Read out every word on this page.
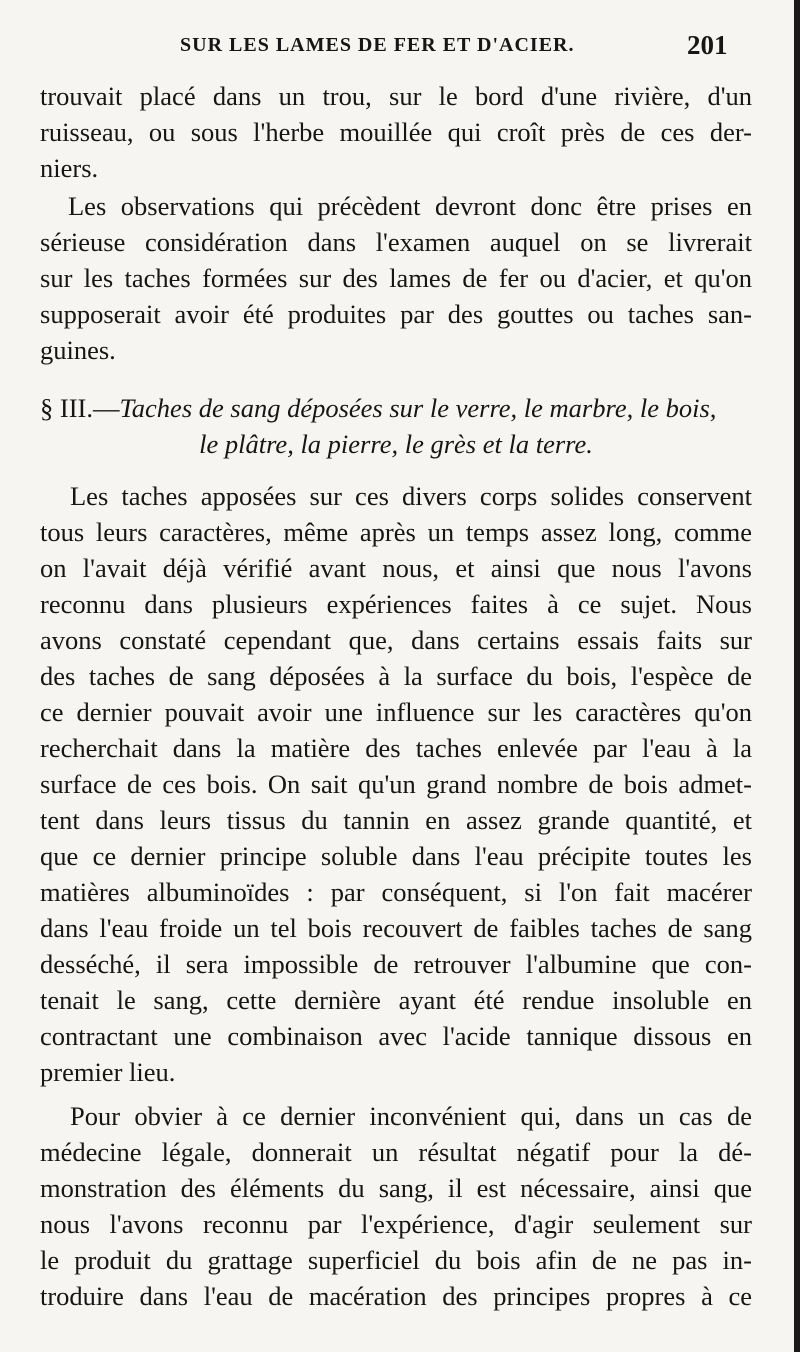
SUR LES LAMES DE FER ET D'ACIER.	201
trouvait placé dans un trou, sur le bord d'une rivière, d'un
ruisseau, ou sous l'herbe mouillée qui croît près de ces der-
niers.
Les observations qui précèdent devront donc être prises en
sérieuse considération dans l'examen auquel on se livrerait
sur les taches formées sur des lames de fer ou d'acier, et qu'on
supposerait avoir été produites par des gouttes ou taches san-
guines.
§ III.—Taches de sang déposées sur le verre, le marbre, le bois,
le plâtre, la pierre, le grès et la terre.
Les taches apposées sur ces divers corps solides conservent
tous leurs caractères, même après un temps assez long, comme
on l'avait déjà vérifié avant nous, et ainsi que nous l'avons
reconnu dans plusieurs expériences faites à ce sujet. Nous
avons constaté cependant que, dans certains essais faits sur
des taches de sang déposées à la surface du bois, l'espèce de
ce dernier pouvait avoir une influence sur les caractères qu'on
recherchait dans la matière des taches enlevée par l'eau à la
surface de ces bois. On sait qu'un grand nombre de bois admet-
tent dans leurs tissus du tannin en assez grande quantité, et
que ce dernier principe soluble dans l'eau précipite toutes les
matières albuminoïdes : par conséquent, si l'on fait macérer
dans l'eau froide un tel bois recouvert de faibles taches de sang
desséché, il sera impossible de retrouver l'albumine que con-
tenait le sang, cette dernière ayant été rendue insoluble en
contractant une combinaison avec l'acide tannique dissous en
premier lieu.
Pour obvier à ce dernier inconvénient qui, dans un cas de
médecine légale, donnerait un résultat négatif pour la dé-
monstration des éléments du sang, il est nécessaire, ainsi que
nous l'avons reconnu par l'expérience, d'agir seulement sur
le produit du grattage superficiel du bois afin de ne pas in-
troduire dans l'eau de macération des principes propres à ce
